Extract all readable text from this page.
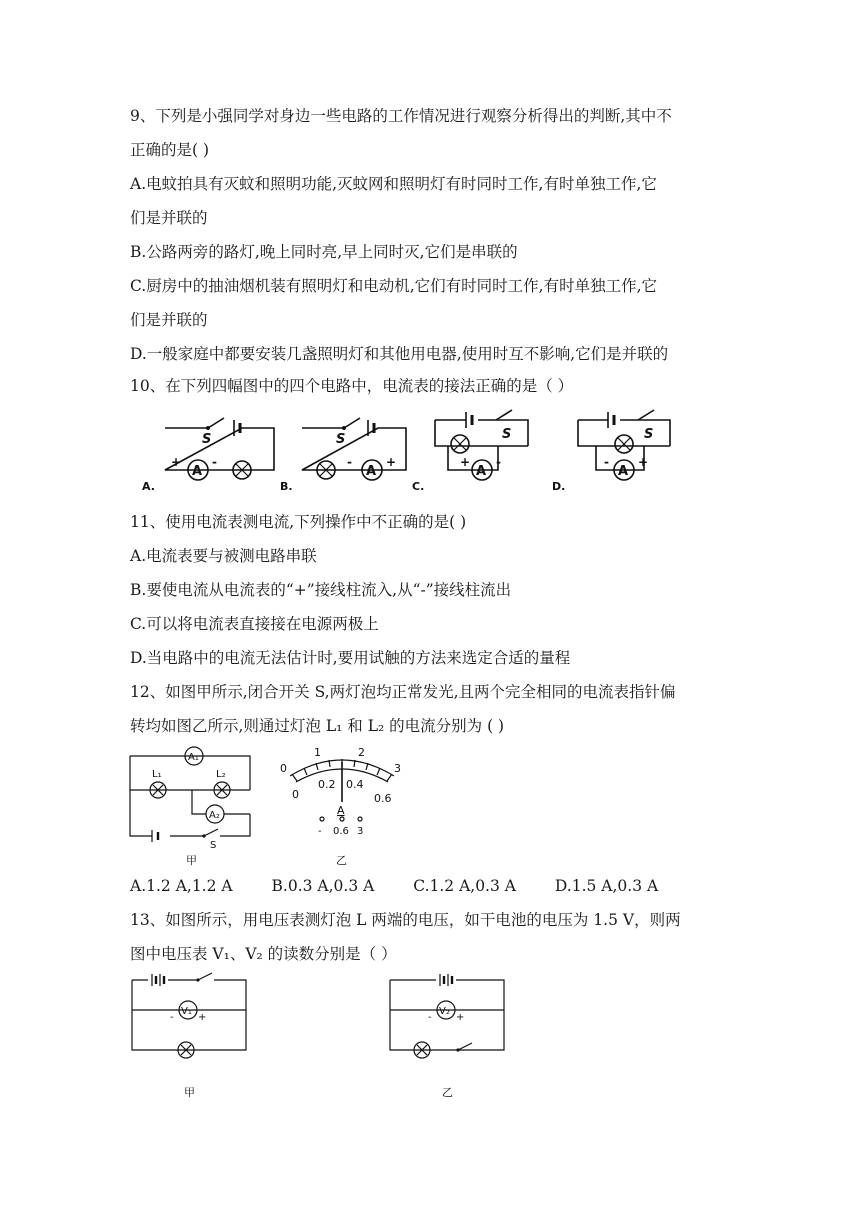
9、下列是小强同学对身边一些电路的工作情况进行观察分析得出的判断,其中不
正确的是( )
A.电蚊拍具有灭蚊和照明功能,灭蚊网和照明灯有时同时工作,有时单独工作,它
们是并联的
B.公路两旁的路灯,晚上同时亮,早上同时灭,它们是串联的
C.厨房中的抽油烟机装有照明灯和电动机,它们有时同时工作,有时单独工作,它
们是并联的
D.一般家庭中都要安装几盏照明灯和其他用电器,使用时互不影响,它们是并联的
10、在下列四幅图中的四个电路中，电流表的接法正确的是（ ）
S
A
+	-
S
A
-	+
S
A
+ -
S
A
- +
A.	B.	C.	D.
11、使用电流表测电流,下列操作中不正确的是( )
A.电流表要与被测电路串联
B.要使电流从电流表的“+”接线柱流入,从“-”接线柱流出
C.可以将电流表直接接在电源两极上
D.当电路中的电流无法估计时,要用试触的方法来选定合适的量程
12、如图甲所示,闭合开关 S,两灯泡均正常发光,且两个完全相同的电流表指针偏
转均如图乙所示,则通过灯泡 L₁ 和 L₂ 的电流分别为 ( )
A₁
L₁	L₂
A₂
S
甲
0
1	2
3
0
0.2 0.4
0.6
A
- 0.6 3
乙
A.1.2 A,1.2 A	B.0.3 A,0.3 A	C.1.2 A,0.3 A	D.1.5 A,0.3 A
13、如图所示，用电压表测灯泡 L 两端的电压，如干电池的电压为 1.5 V，则两
图中电压表 V₁、V₂ 的读数分别是（ ）
V₁
- +
甲
V₂
- +
乙
